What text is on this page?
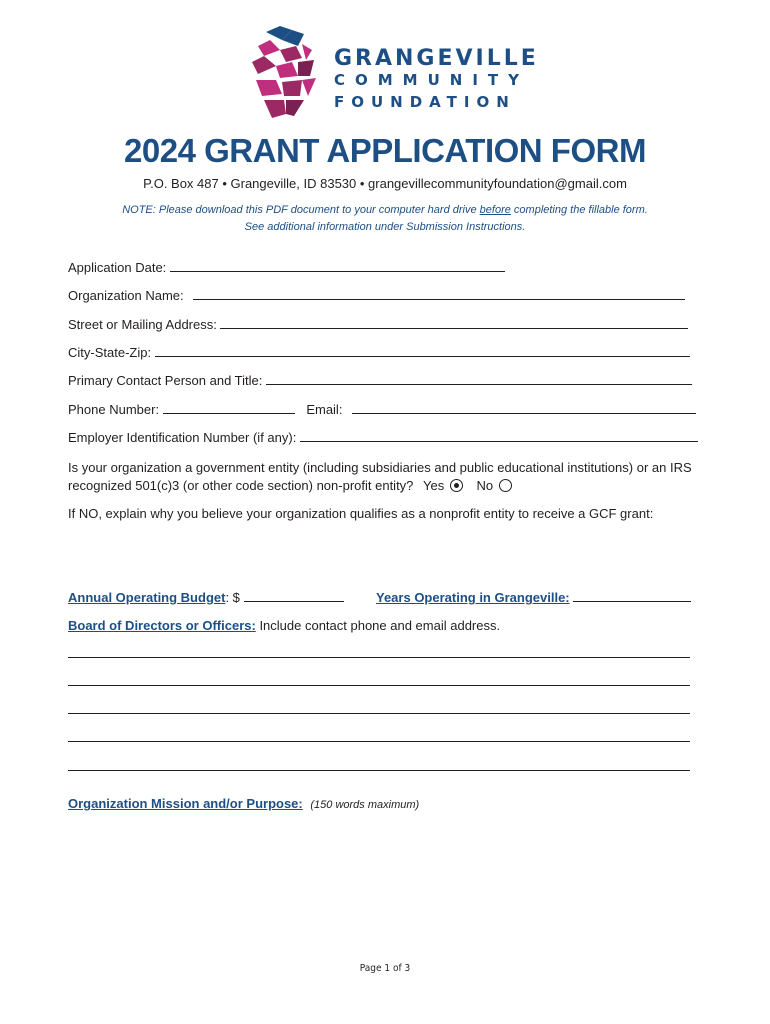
GRANGEVILLE
COMMUNITY
FOUNDATION
2024 GRANT APPLICATION FORM
P.O. Box 487 • Grangeville, ID 83530 • grangevillecommunityfoundation@gmail.com
NOTE: Please download this PDF document to your computer hard drive before completing the fillable form.
See additional information under Submission Instructions.
Application Date:
Organization Name:
Street or Mailing Address:
City-State-Zip:
Primary Contact Person and Title:
Phone Number:	Email:
Employer Identification Number (if any):
Is your organization a government entity (including subsidiaries and public educational institutions) or an IRS
recognized 501(c)3 (or other code section) non-profit entity? Yes No
If NO, explain why you believe your organization qualifies as a nonprofit entity to receive a GCF grant:
Annual Operating Budget: $	Years Operating in Grangeville:
Board of Directors or Officers: Include contact phone and email address.
Organization Mission and/or Purpose: (150 words maximum)
Page 1 of 3
